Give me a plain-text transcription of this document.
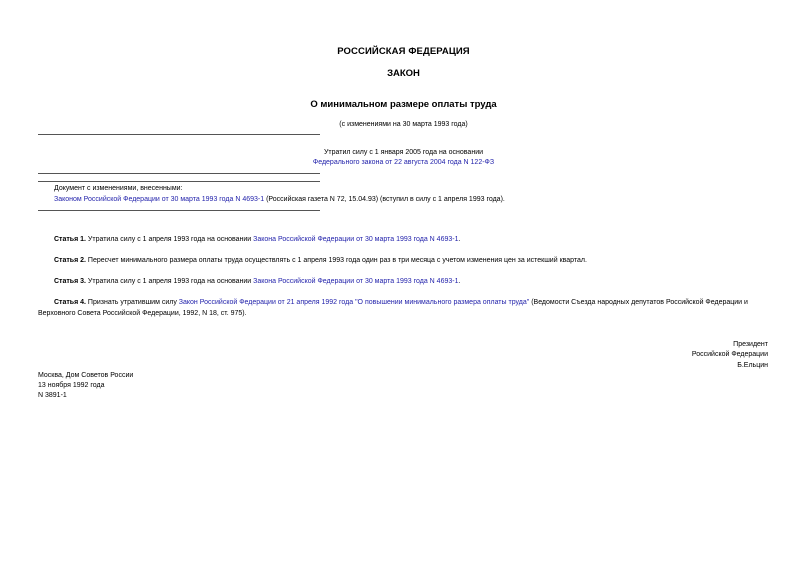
РОССИЙСКАЯ ФЕДЕРАЦИЯ
ЗАКОН
О минимальном размере оплаты труда
(с изменениями на 30 марта 1993 года)
Утратил силу с 1 января 2005 года на основании
Федерального закона от 22 августа 2004 года N 122-ФЗ
Документ с изменениями, внесенными:
Законом Российской Федерации от 30 марта 1993 года N 4693-1 (Российская газета N 72, 15.04.93) (вступил в силу с 1 апреля 1993 года).
Статья 1. Утратила силу с 1 апреля 1993 года на основании Закона Российской Федерации от 30 марта 1993 года N 4693-1.
Статья 2. Пересчет минимального размера оплаты труда осуществлять с 1 апреля 1993 года один раз в три месяца с учетом изменения цен за истекший квартал.
Статья 3. Утратила силу с 1 апреля 1993 года на основании Закона Российской Федерации от 30 марта 1993 года N 4693-1.
Статья 4. Признать утратившим силу Закон Российской Федерации от 21 апреля 1992 года "О повышении минимального размера оплаты труда" (Ведомости Съезда народных депутатов Российской Федерации и
Верховного Совета Российской Федерации, 1992, N 18, ст. 975).
Президент
Российской Федерации
Б.Ельцин
Москва, Дом Советов России
13 ноября 1992 года
N 3891-1
